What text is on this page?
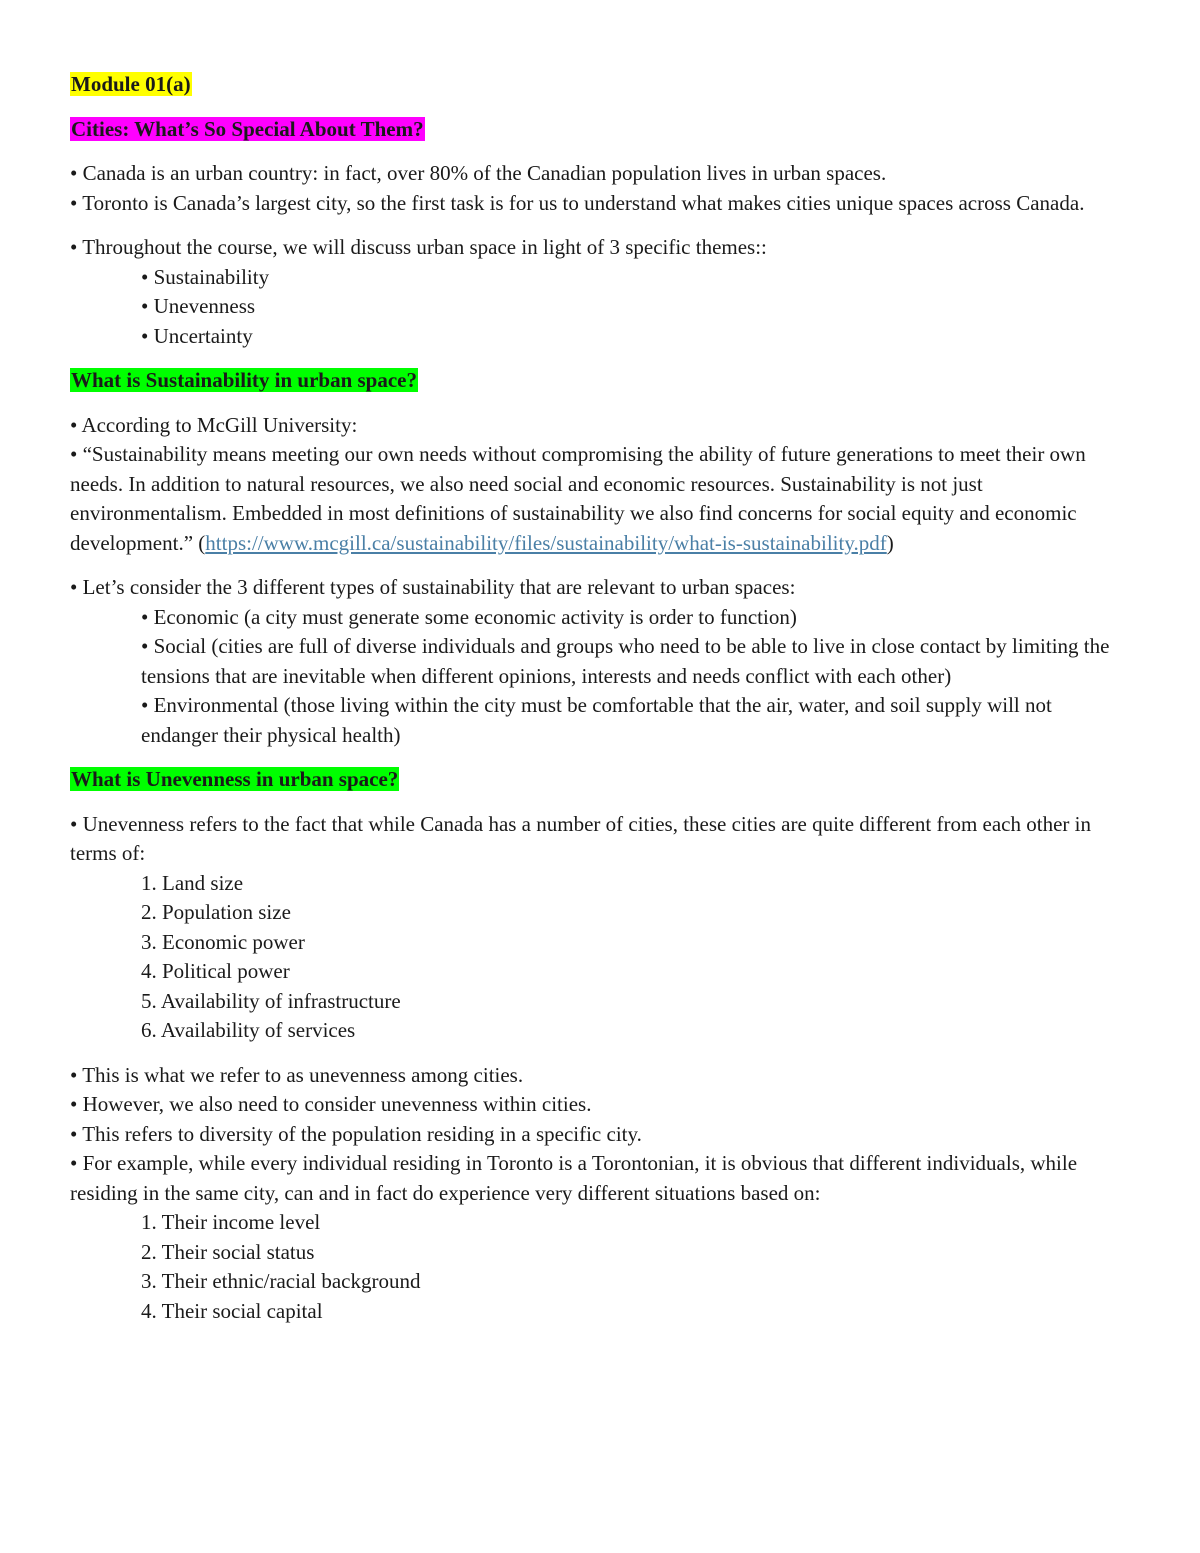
Module 01(a)
Cities: What’s So Special About Them?
• Canada is an urban country: in fact, over 80% of the Canadian population lives in urban spaces.
• Toronto is Canada’s largest city, so the first task is for us to understand what makes cities unique spaces across Canada.
• Throughout the course, we will discuss urban space in light of 3 specific themes::
• Sustainability
• Unevenness
• Uncertainty
What is Sustainability in urban space?
• According to McGill University:
• “Sustainability means meeting our own needs without compromising the ability of future generations to meet their own needs. In addition to natural resources, we also need social and economic resources. Sustainability is not just environmentalism. Embedded in most definitions of sustainability we also find concerns for social equity and economic development.” (https://www.mcgill.ca/sustainability/files/sustainability/what-is-sustainability.pdf)
• Let’s consider the 3 different types of sustainability that are relevant to urban spaces:
• Economic (a city must generate some economic activity is order to function)
• Social (cities are full of diverse individuals and groups who need to be able to live in close contact by limiting the tensions that are inevitable when different opinions, interests and needs conflict with each other)
• Environmental (those living within the city must be comfortable that the air, water, and soil supply will not endanger their physical health)
What is Unevenness in urban space?
• Unevenness refers to the fact that while Canada has a number of cities, these cities are quite different from each other in terms of:
1. Land size
2. Population size
3. Economic power
4. Political power
5. Availability of infrastructure
6. Availability of services
• This is what we refer to as unevenness among cities.
• However, we also need to consider unevenness within cities.
• This refers to diversity of the population residing in a specific city.
• For example, while every individual residing in Toronto is a Torontonian, it is obvious that different individuals, while residing in the same city, can and in fact do experience very different situations based on:
1. Their income level
2. Their social status
3. Their ethnic/racial background
4. Their social capital
